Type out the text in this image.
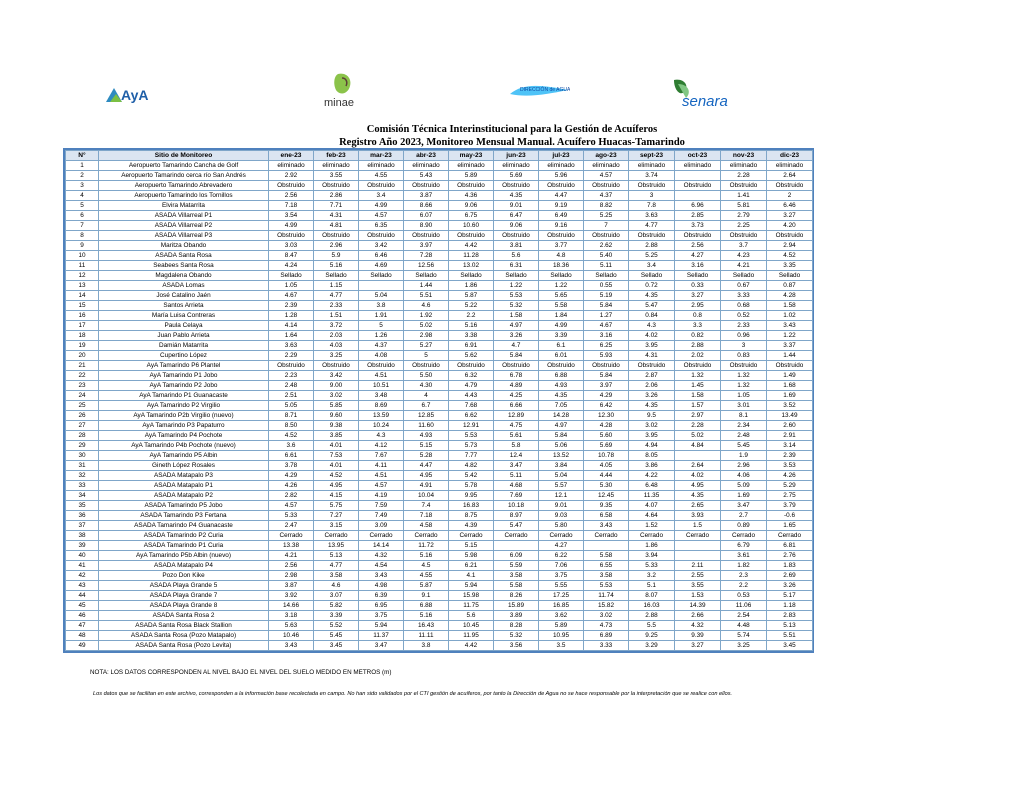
AyA	minae
DIRECCIÓN de AGUA
senara
Comisión Técnica Interinstitucional para la Gestión de Acuíferos
Registro Año 2023, Monitoreo Mensual Manual. Acuífero Huacas-Tamarindo
N°	Sitio de Monitoreo	ene-23	feb-23	mar-23	abr-23	may-23	jun-23	jul-23	ago-23	sept-23	oct-23	nov-23	dic-23
1	Aeropuerto Tamarindo Cancha de Golf	eliminado	eliminado	eliminado	eliminado	eliminado	eliminado	eliminado	eliminado	eliminado	eliminado	eliminado	eliminado
2	Aeropuerto Tamarindo cerca río San Andrés	2.92	3.55	4.55	5.43	5.89	5.69	5.96	4.57	3.74		2.28	2.64
3	Aeropuerto Tamarindo Abrevadero	Obstruido	Obstruido	Obstruido	Obstruido	Obstruido	Obstruido	Obstruido	Obstruido	Obstruido	Obstruido	Obstruido	Obstruido
4	Aeropuerto Tamarindo los Tornillos	2.56	2.86	3.4	3.87	4.36	4.35	4.47	4.37	3		1.41	2
5	Elvira Matarrita	7.18	7.71	4.99	8.66	9.06	9.01	9.19	8.82	7.8	6.96	5.81	6.46
6	ASADA Villarreal P1	3.54	4.31	4.57	6.07	6.75	6.47	6.49	5.25	3.63	2.85	2.79	3.27
7	ASADA Villarreal P2	4.99	4.81	6.35	8.90	10.60	9.06	9.16	7	4.77	3.73	2.25	4.20
8	ASADA Villarreal P3	Obstruido	Obstruido	Obstruido	Obstruido	Obstruido	Obstruido	Obstruido	Obstruido	Obstruido	Obstruido	Obstruido	Obstruido
9	Maritza Obando	3.03	2.96	3.42	3.97	4.42	3.81	3.77	2.62	2.88	2.56	3.7	2.94
10	ASADA Santa Rosa	8.47	5.9	6.46	7.28	11.28	5.6	4.8	5.40	5.25	4.27	4.23	4.52
11	Seabees Santa Rosa	4.24	5.16	4.69	12.56	13.02	6.31	18.36	5.11	3.4	3.16	4.21	3.35
12	Magdalena Obando	Sellado	Sellado	Sellado	Sellado	Sellado	Sellado	Sellado	Sellado	Sellado	Sellado	Sellado	Sellado
13	ASADA Lomas	1.05	1.15		1.44	1.86	1.22	1.22	0.55	0.72	0.33	0.67	0.87
14	José Catalino Jaén	4.67	4.77	5.04	5.51	5.87	5.53	5.65	5.19	4.35	3.27	3.33	4.28
15	Santos Arrieta	2.39	2.33	3.8	4.6	5.22	5.32	5.58	5.84	5.47	2.95	0.68	1.58
16	María Luisa Contreras	1.28	1.51	1.91	1.92	2.2	1.58	1.84	1.27	0.84	0.8	0.52	1.02
17	Paula Celaya	4.14	3.72	5	5.02	5.16	4.97	4.99	4.67	4.3	3.3	2.33	3.43
18	Juan Pablo Arrieta	1.64	2.03	1.26	2.98	3.38	3.26	3.39	3.16	4.02	0.82	0.96	1.22
19	Damián Matarrita	3.63	4.03	4.37	5.27	6.91	4.7	6.1	6.25	3.95	2.88	3	3.37
20	Cupertino López	2.29	3.25	4.08	5	5.62	5.84	6.01	5.93	4.31	2.02	0.83	1.44
21	AyA Tamarindo P6 Plantel	Obstruido	Obstruido	Obstruido	Obstruido	Obstruido	Obstruido	Obstruido	Obstruido	Obstruido	Obstruido	Obstruido	Obstruido
22	AyA Tamarindo P1 Jobo	2.23	3.42	4.51	5.50	6.32	6.78	6.88	5.84	2.87	1.32	1.32	1.49
23	AyA Tamarindo P2 Jobo	2.48	9.00	10.51	4.30	4.79	4.89	4.93	3.97	2.06	1.45	1.32	1.68
24	AyA Tamarindo P1 Guanacaste	2.51	3.02	3.48	4	4.43	4.25	4.35	4.29	3.26	1.58	1.05	1.69
25	AyA Tamarindo P2 Virgilio	5.05	5.85	8.69	6.7	7.68	6.66	7.05	6.42	4.35	1.57	3.01	3.52
26	AyA Tamarindo P2b Virgilio (nuevo)	8.71	9.60	13.59	12.85	6.62	12.89	14.28	12.30	9.5	2.97	8.1	13.49
27	AyA Tamarindo P3 Papaturro	8.50	9.38	10.24	11.60	12.91	4.75	4.97	4.28	3.02	2.28	2.34	2.60
28	AyA Tamarindo P4 Pochote	4.52	3.85	4.3	4.93	5.53	5.61	5.84	5.60	3.95	5.02	2.48	2.91
29	AyA Tamarindo P4b Pochote (nuevo)	3.6	4.01	4.12	5.15	5.73	5.8	5.06	5.69	4.94	4.84	5.45	3.14
30	AyA Tamarindo P5 Albin	6.61	7.53	7.67	5.28	7.77	12.4	13.52	10.78	8.05		1.9	2.39
31	Gineth López Rosales	3.78	4.01	4.11	4.47	4.82	3.47	3.84	4.05	3.86	2.64	2.96	3.53
32	ASADA Matapalo P3	4.29	4.52	4.51	4.95	5.42	5.11	5.04	4.44	4.22	4.02	4.06	4.26
33	ASADA Matapalo P1	4.26	4.95	4.57	4.91	5.78	4.68	5.57	5.30	6.48	4.95	5.09	5.29
34	ASADA Matapalo P2	2.82	4.15	4.19	10.04	9.95	7.69	12.1	12.45	11.35	4.35	1.69	2.75
35	ASADA Tamarindo P5 Jobo	4.57	5.75	7.59	7.4	16.83	10.18	9.01	9.35	4.07	2.65	3.47	3.79
36	ASADA Tamarindo P3 Fertana	5.33	7.27	7.49	7.18	8.75	8.97	9.03	6.58	4.64	3.93	2.7	-0.6
37	ASADA Tamarindo P4 Guanacaste	2.47	3.15	3.09	4.58	4.39	5.47	5.80	3.43	1.52	1.5	0.89	1.65
38	ASADA Tamarindo P2 Curia	Cerrado	Cerrado	Cerrado	Cerrado	Cerrado	Cerrado	Cerrado	Cerrado	Cerrado	Cerrado	Cerrado	Cerrado
39	ASADA Tamarindo P1 Curia	13.38	13.95	14.14	11.72	5.15		4.27		1.86		6.79	6.81
40	AyA Tamarindo P5b Albin (nuevo)	4.21	5.13	4.32	5.16	5.98	6.09	6.22	5.58	3.94		3.61	2.76
41	ASADA Matapalo P4	2.56	4.77	4.54	4.5	6.21	5.59	7.06	6.55	5.33	2.11	1.82	1.83
42	Pozo Don Kike	2.98	3.58	3.43	4.55	4.1	3.58	3.75	3.58	3.2	2.55	2.3	2.69
43	ASADA Playa Grande 5	3.87	4.6	4.98	5.87	5.94	5.58	5.55	5.53	5.1	3.55	2.2	3.26
44	ASADA Playa Grande 7	3.92	3.07	6.39	9.1	15.98	8.26	17.25	11.74	8.07	1.53	0.53	5.17
45	ASADA Playa Grande 8	14.66	5.82	6.95	6.88	11.75	15.89	16.85	15.82	16.03	14.39	11.06	1.18
46	ASADA Santa Rosa 2	3.18	3.39	3.75	5.16	5.6	3.89	3.62	3.02	2.88	2.66	2.54	2.83
47	ASADA Santa Rosa Black Stallion	5.63	5.52	5.94	16.43	10.45	8.28	5.89	4.73	5.5	4.32	4.48	5.13
48	ASADA Santa Rosa (Pozo Matapalo)	10.46	5.45	11.37	11.11	11.95	5.32	10.95	6.89	9.25	9.39	5.74	5.51
49	ASADA Santa Rosa (Pozo Levita)	3.43	3.45	3.47	3.8	4.42	3.56	3.5	3.33	3.29	3.27	3.25	3.45
NOTA: LOS DATOS CORRESPONDEN AL NIVEL BAJO EL NIVEL DEL SUELO MEDIDO EN METROS (m)
Los datos que se facilitan en este archivo, corresponden a la información base recolectada en campo. No han sido validados por el CTI gestión de acuíferos, por tanto la Dirección de Agua no se hace responsable por la interpretación que se realice con ellos.
